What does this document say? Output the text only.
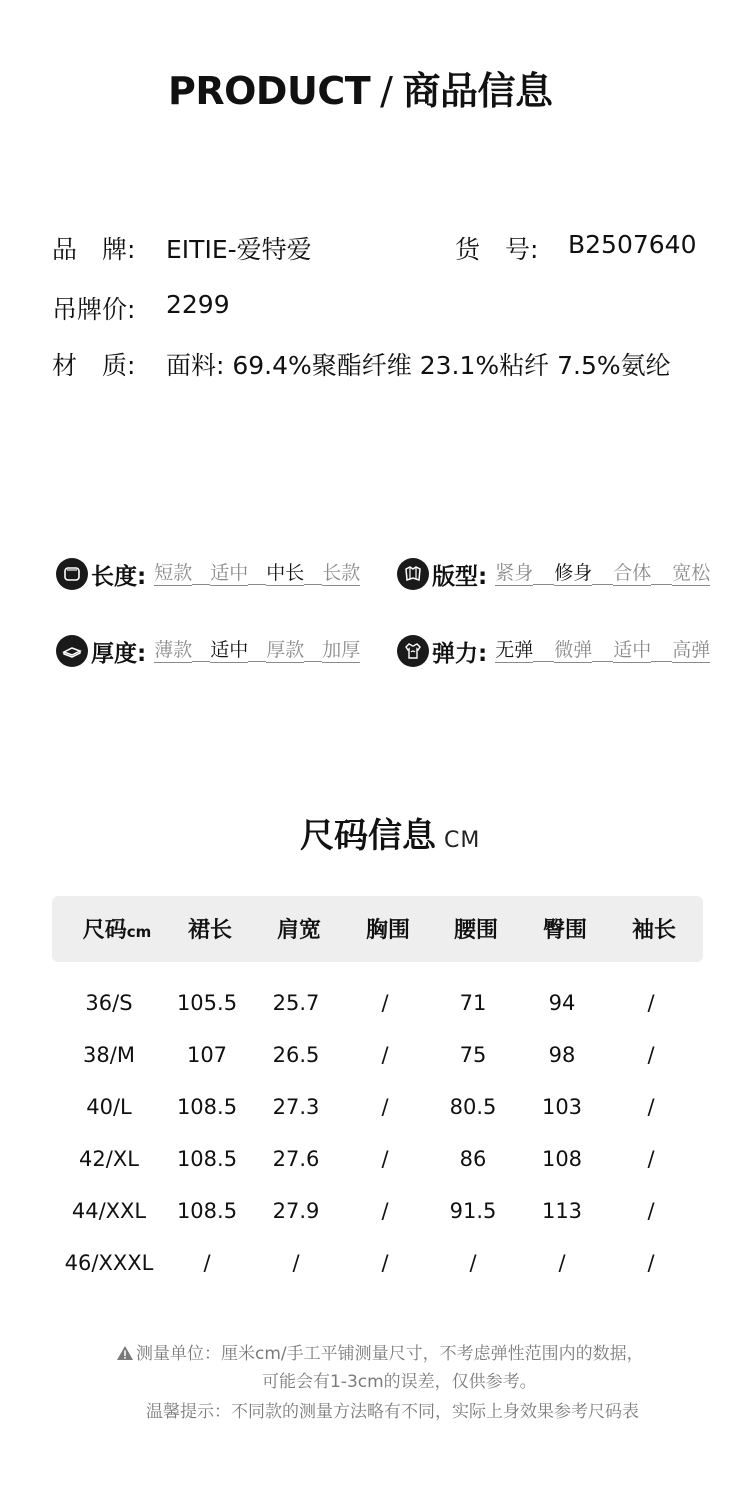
PRODUCT / 商品信息
品　牌: EITIE-爱特爱	货　号: B2507640
吊牌价: 2299
材　质: 面料: 69.4%聚酯纤维 23.1%粘纤 7.5%氨纶
长度: 短款 适中 中长 长款	版型: 紧身 修身 合体 宽松
厚度: 薄款 适中 厚款 加厚	弹力: 无弹 微弹 适中 高弹
尺码信息 CM
尺码cm 裙长 肩宽 胸围 腰围 臀围 袖长
36/S 105.5 25.7	/	71	94	/
38/M 107 26.5	/	75	98	/
40/L 108.5 27.3	/	80.5 103	/
42/XL 108.5 27.6	/	86	108	/
44/XXL 108.5 27.9	/	91.5 113	/
46/XXXL /	/	/	/	/	/
测量单位：厘米cm/手工平铺测量尺寸，不考虑弹性范围内的数据，
可能会有1-3cm的误差，仅供参考。
温馨提示：不同款的测量方法略有不同，实际上身效果参考尺码表
